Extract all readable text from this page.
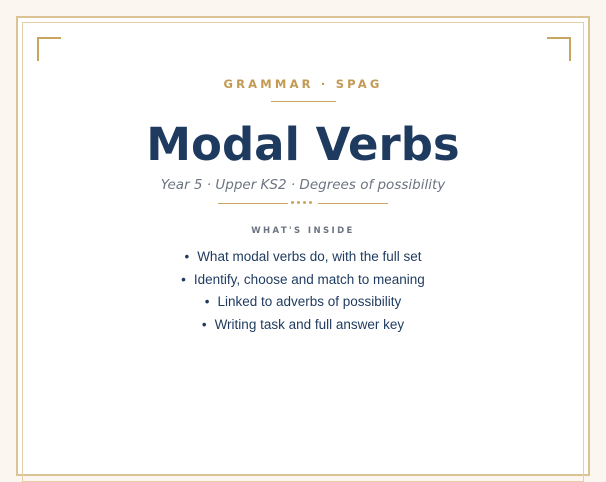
GRAMMAR · SPAG
Modal Verbs
Year 5 · Upper KS2 · Degrees of possibility
WHAT'S INSIDE
• What modal verbs do, with the full set
• Identify, choose and match to meaning
• Linked to adverbs of possibility
• Writing task and full answer key
